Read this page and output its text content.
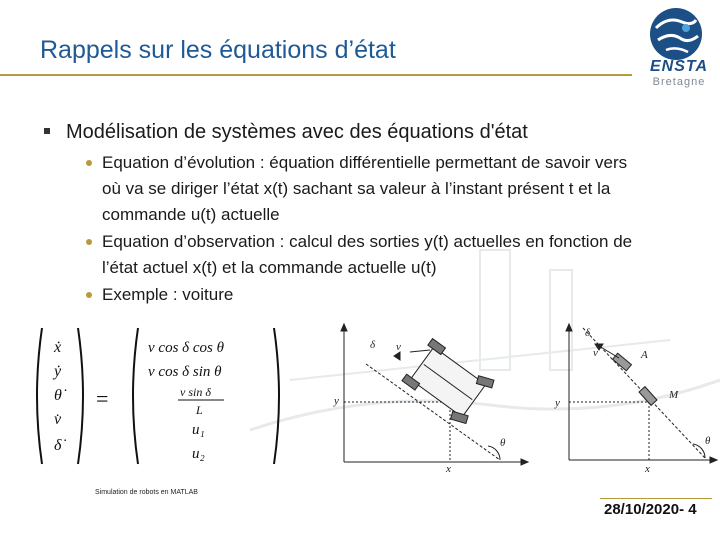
Rappels sur les équations d’état
ENSTA
Bretagne
Modélisation de systèmes avec des équations d'état
Equation d’évolution : équation différentielle permettant de savoir vers où va se diriger l’état x(t) sachant sa valeur à l’instant présent t et la commande u(t) actuelle
Equation d’observation : calcul des sorties y(t) actuelles en fonction de l’état actuel x(t) et la commande actuelle u(t)
Exemple : voiture
ẋ
ẏ
θ̇
v̇
δ̇
=
v cos δ cos θ
v cos δ sin θ
v sin δ
L
u₁
u₂
δ v
y
x
θ
δ
v	A
M
y
x
θ
Simulation de robots en MATLAB
28/10/2020- 4
